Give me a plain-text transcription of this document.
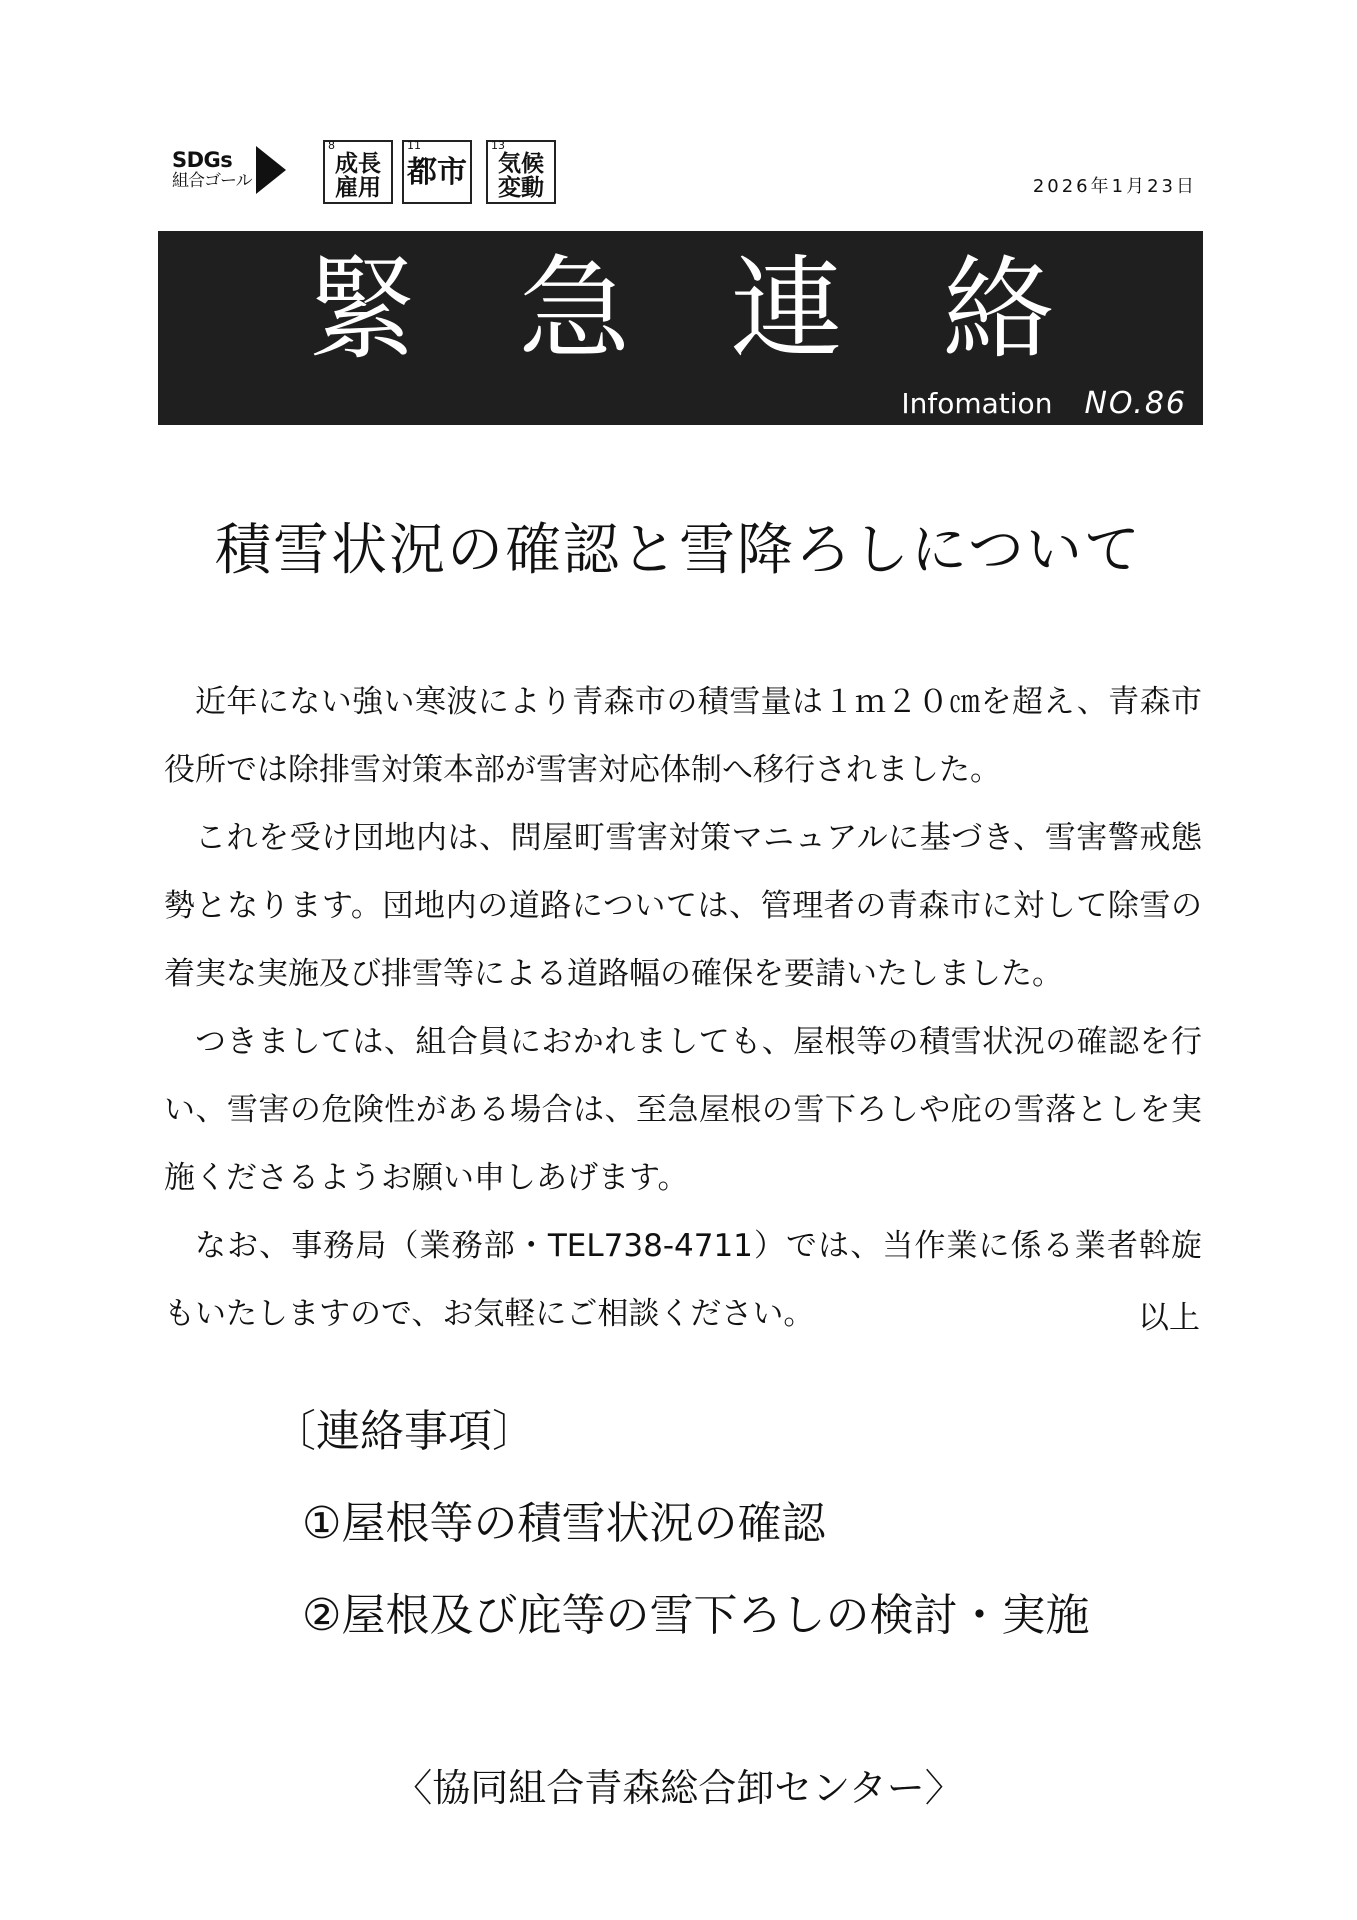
SDGs
組合ゴール
8
成長
雇用
11
都市
13
気候
変動	2026年1月23日
緊急連絡
Infomation NO.86
積雪状況の確認と雪降ろしについて

近年にない強い寒波により青森市の積雪量は１ｍ２０㎝を超え、青森市役所では除排雪対策本部が雪害対応体制へ移行されました。

これを受け団地内は、問屋町雪害対策マニュアルに基づき、雪害警戒態勢となります。団地内の道路については、管理者の青森市に対して除雪の着実な実施及び排雪等による道路幅の確保を要請いたしました。

つきましては、組合員におかれましても、屋根等の積雪状況の確認を行い、雪害の危険性がある場合は、至急屋根の雪下ろしや庇の雪落としを実施くださるようお願い申しあげます。

なお、事務局（業務部・TEL738-4711）では、当作業に係る業者斡旋もいたしますので、お気軽にご相談ください。	以上

〔連絡事項〕

①屋根等の積雪状況の確認
②屋根及び庇等の雪下ろしの検討・実施
〈協同組合青森総合卸センター〉
